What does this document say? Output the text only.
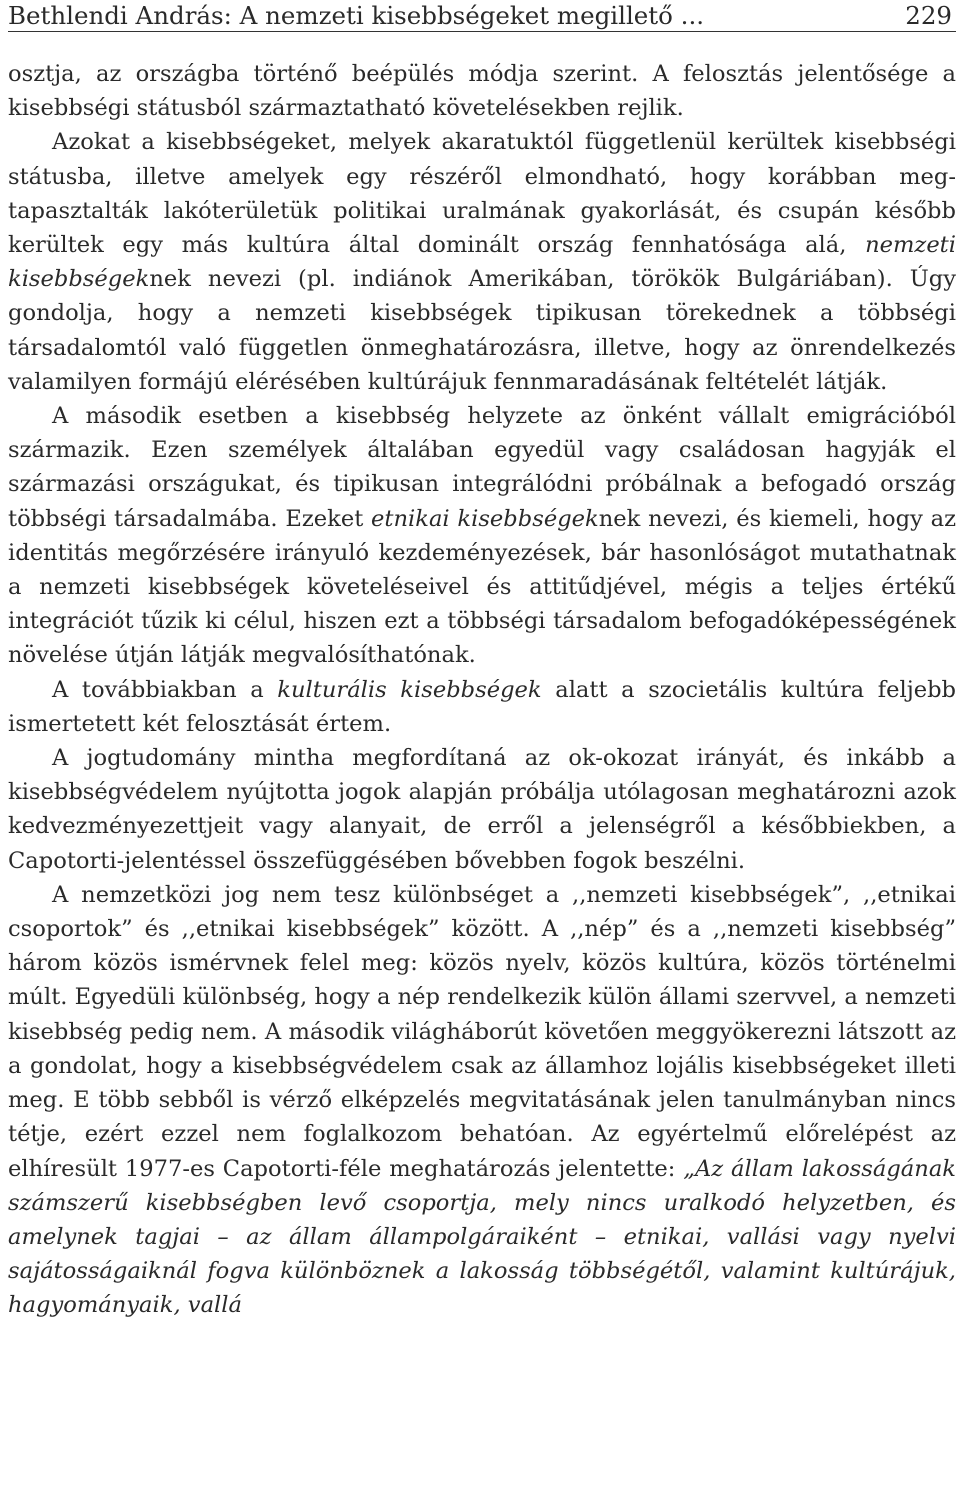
Bethlendi András: A nemzeti kisebbségeket megillető ...	229

osztja, az országba történő beépülés módja szerint. A felosztás jelentősége a kisebbségi státusból származtatható követelésekben rejlik.

Azokat a kisebbségeket, melyek akaratuktól függetlenül kerültek kisebbségi státusba, illetve amelyek egy részéről elmondható, hogy korábban megtapasztalták lakóterületük politikai uralmának gyakorlását, és csupán később kerültek egy más kultúra által dominált ország fennhatósága alá, nemzeti kisebbségeknek nevezi (pl. indiánok Amerikában, törökök Bulgáriában). Úgy gondolja, hogy a nemzeti kisebbségek tipikusan törekednek a többségi társadalomtól való független önmeghatározásra, illetve, hogy az önrendelkezés valamilyen formájú elérésében kultúrájuk fennmaradásának feltételét látják.

A második esetben a kisebbség helyzete az önként vállalt emigrációból származik. Ezen személyek általában egyedül vagy családosan hagyják el származási országukat, és tipikusan integrálódni próbálnak a befogadó ország többségi társadalmába. Ezeket etnikai kisebbségeknek nevezi, és kiemeli, hogy az identitás megőrzésére irányuló kezdeményezések, bár hasonlóságot mutathatnak a nemzeti kisebbségek követeléseivel és attitűdjével, mégis a teljes értékű integrációt tűzik ki célul, hiszen ezt a többségi társadalom befogadóképességének növelése útján látják megvalósíthatónak.

A továbbiakban a kulturális kisebbségek alatt a szocietális kultúra feljebb ismertetett két felosztását értem.

A jogtudomány mintha megfordítaná az ok-okozat irányát, és inkább a kisebbségvédelem nyújtotta jogok alapján próbálja utólagosan meghatározni azok kedvezményezettjeit vagy alanyait, de erről a jelenségről a későbbiekben, a Capotorti-jelentéssel összefüggésében bővebben fogok beszélni.

A nemzetközi jog nem tesz különbséget a ,,nemzeti kisebbségek”, ,,etnikai csoportok” és ,,etnikai kisebbségek” között. A ,,nép” és a ,,nemzeti kisebbség” három közös ismérvnek felel meg: közös nyelv, közös kultúra, közös történelmi múlt. Egyedüli különbség, hogy a nép rendelkezik külön állami szervvel, a nemzeti kisebbség pedig nem. A második világháborút követően meggyökerezni látszott az a gondolat, hogy a kisebbségvédelem csak az államhoz lojális kisebbségeket illeti meg. E több sebből is vérző elképzelés megvitatásának jelen tanulmányban nincs tétje, ezért ezzel nem foglalkozom behatóan. Az egyértelmű előrelépést az elhíresült 1977-es Capotorti-féle meghatározás jelentette: „Az állam lakosságának számszerű kisebbségben levő csoportja, mely nincs uralkodó helyzetben, és amelynek tagjai – az állam állampolgáraiként – etnikai, vallási vagy nyelvi sajátosságaiknál fogva különböznek a lakosság többségétől, valamint kultúrájuk, hagyományaik, vallá
